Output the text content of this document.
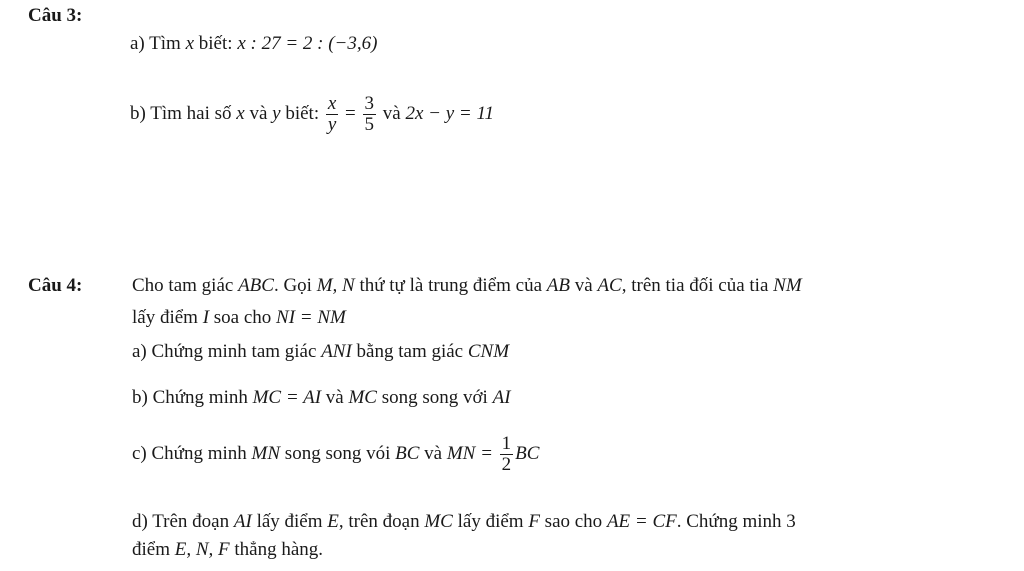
Câu 3:
a) Tìm x biết: x : 27 = 2 : (−3,6)
b) Tìm hai số x và y biết: $\frac{x}{y} = \frac{3}{5}$ và 2x − y = 11
Câu 4:	Cho tam giác ABC. Gọi M, N thứ tự là trung điểm của AB và AC, trên tia đối của tia NM
lấy điểm I soa cho NI = NM
a) Chứng minh tam giác ANI bằng tam giác CNM
b) Chứng minh MC = AI và MC song song với AI
c) Chứng minh MN song song vói BC và MN = $\frac{1}{2}$ BC
d) Trên đoạn AI lấy điểm E, trên đoạn MC lấy điểm F sao cho AE = CF. Chứng minh 3
điểm E, N, F thẳng hàng.
